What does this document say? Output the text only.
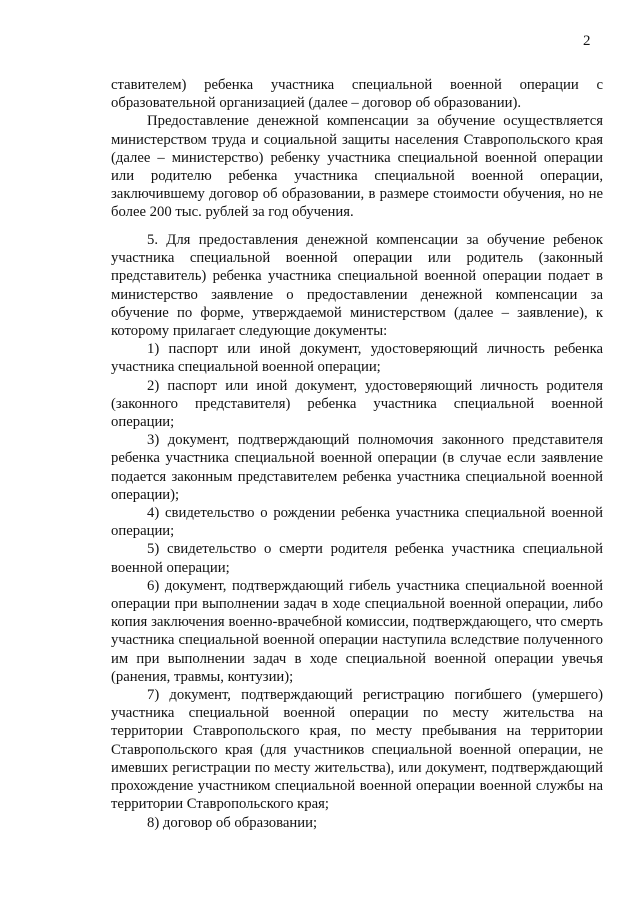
2

ставителем) ребенка участника специальной военной операции с образовательной организацией (далее – договор об образовании).

Предоставление денежной компенсации за обучение осуществляется министерством труда и социальной защиты населения Ставропольского края (далее – министерство) ребенку участника специальной военной операции или родителю ребенка участника специальной военной операции, заключившему договор об образовании, в размере стоимости обучения, но не более 200 тыс. рублей за год обучения.

5. Для предоставления денежной компенсации за обучение ребенок участника специальной военной операции или родитель (законный представитель) ребенка участника специальной военной операции подает в министерство заявление о предоставлении денежной компенсации за обучение по форме, утверждаемой министерством (далее – заявление), к которому прилагает следующие документы:

1) паспорт или иной документ, удостоверяющий личность ребенка участника специальной военной операции;

2) паспорт или иной документ, удостоверяющий личность родителя (законного представителя) ребенка участника специальной военной операции;

3) документ, подтверждающий полномочия законного представителя ребенка участника специальной военной операции (в случае если заявление подается законным представителем ребенка участника специальной военной операции);

4) свидетельство о рождении ребенка участника специальной военной операции;

5) свидетельство о смерти родителя ребенка участника специальной военной операции;

6) документ, подтверждающий гибель участника специальной военной операции при выполнении задач в ходе специальной военной операции, либо копия заключения военно-врачебной комиссии, подтверждающего, что смерть участника специальной военной операции наступила вследствие полученного им при выполнении задач в ходе специальной военной операции увечья (ранения, травмы, контузии);

7) документ, подтверждающий регистрацию погибшего (умершего) участника специальной военной операции по месту жительства на территории Ставропольского края, по месту пребывания на территории Ставропольского края (для участников специальной военной операции, не имевших регистрации по месту жительства), или документ, подтверждающий прохождение участником специальной военной операции военной службы на территории Ставропольского края;

8) договор об образовании;
